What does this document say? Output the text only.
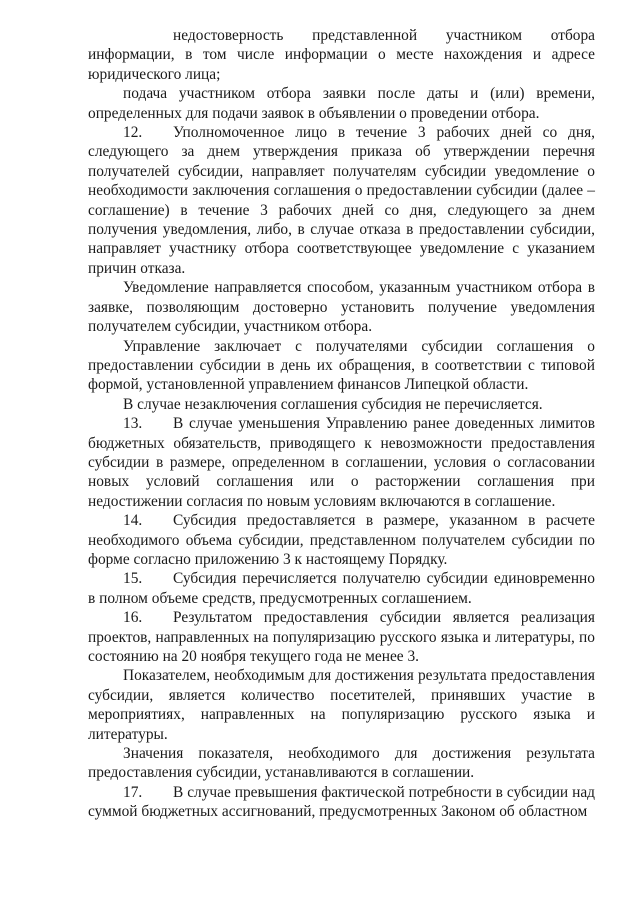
недостоверность представленной участником отбора информации, в том числе информации о месте нахождения и адресе юридического лица;

подача участником отбора заявки после даты и (или) времени, определенных для подачи заявок в объявлении о проведении отбора.

12. Уполномоченное лицо в течение 3 рабочих дней со дня, следующего за днем утверждения приказа об утверждении перечня получателей субсидии, направляет получателям субсидии уведомление о необходимости заключения соглашения о предоставлении субсидии (далее – соглашение) в течение 3 рабочих дней со дня, следующего за днем получения уведомления, либо, в случае отказа в предоставлении субсидии, направляет участнику отбора соответствующее уведомление с указанием причин отказа.

Уведомление направляется способом, указанным участником отбора в заявке, позволяющим достоверно установить получение уведомления получателем субсидии, участником отбора.

Управление заключает с получателями субсидии соглашения о предоставлении субсидии в день их обращения, в соответствии с типовой формой, установленной управлением финансов Липецкой области.

В случае незаключения соглашения субсидия не перечисляется.

13. В случае уменьшения Управлению ранее доведенных лимитов бюджетных обязательств, приводящего к невозможности предоставления субсидии в размере, определенном в соглашении, условия о согласовании новых условий соглашения или о расторжении соглашения при недостижении согласия по новым условиям включаются в соглашение.

14. Субсидия предоставляется в размере, указанном в расчете необходимого объема субсидии, представленном получателем субсидии по форме согласно приложению 3 к настоящему Порядку.

15. Субсидия перечисляется получателю субсидии единовременно в полном объеме средств, предусмотренных соглашением.

16. Результатом предоставления субсидии является реализация проектов, направленных на популяризацию русского языка и литературы, по состоянию на 20 ноября текущего года не менее 3.

Показателем, необходимым для достижения результата предоставления субсидии, является количество посетителей, принявших участие в мероприятиях, направленных на популяризацию русского языка и литературы.

Значения показателя, необходимого для достижения результата предоставления субсидии, устанавливаются в соглашении.

17. В случае превышения фактической потребности в субсидии над суммой бюджетных ассигнований, предусмотренных Законом об областном
